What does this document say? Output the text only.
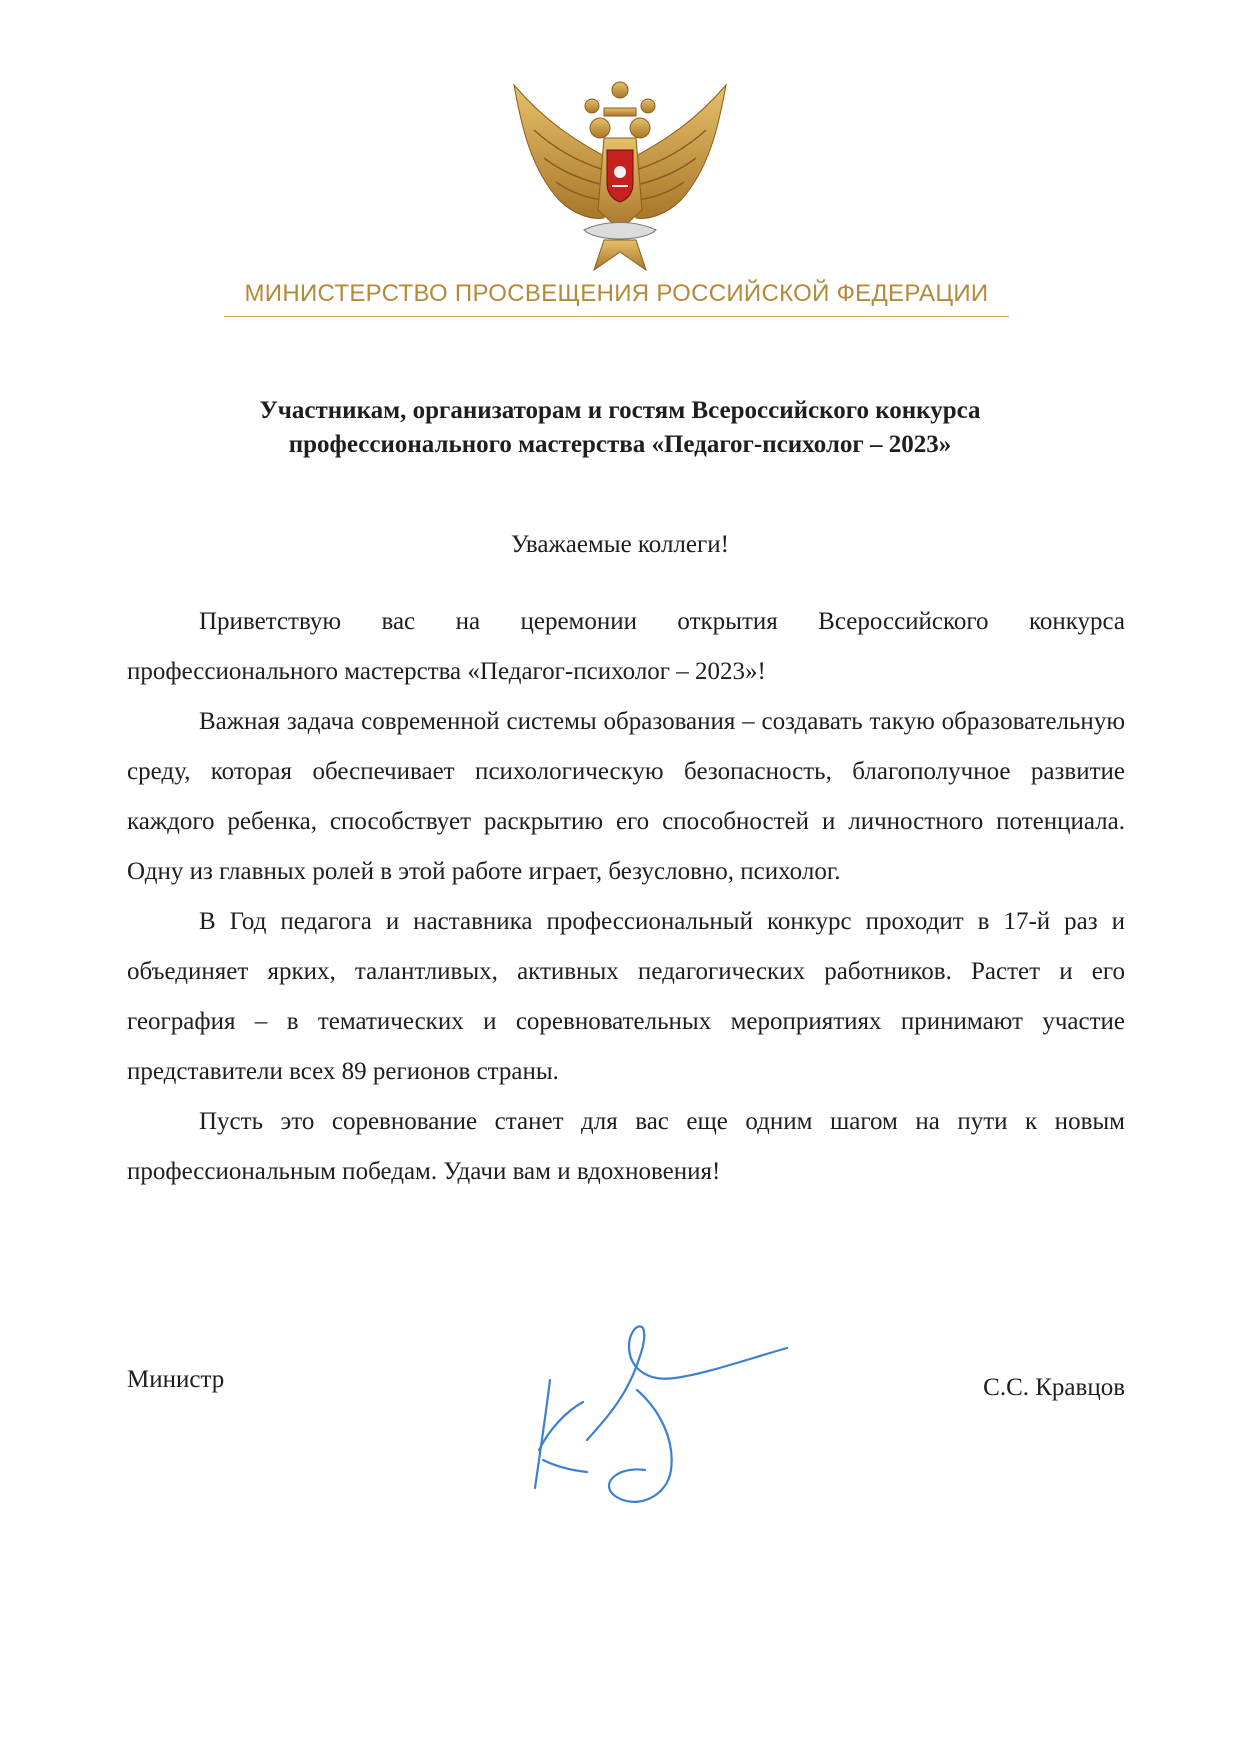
МИНИСТЕРСТВО ПРОСВЕЩЕНИЯ РОССИЙСКОЙ ФЕДЕРАЦИИ
Участникам, организаторам и гостям Всероссийского конкурса
профессионального мастерства «Педагог-психолог – 2023»
Уважаемые коллеги!

Приветствую вас на церемонии открытия Всероссийского конкурса профессионального мастерства «Педагог-психолог – 2023»!

Важная задача современной системы образования – создавать такую образовательную среду, которая обеспечивает психологическую безопасность, благополучное развитие каждого ребенка, способствует раскрытию его способностей и личностного потенциала. Одну из главных ролей в этой работе играет, безусловно, психолог.

В Год педагога и наставника профессиональный конкурс проходит в 17-й раз и объединяет ярких, талантливых, активных педагогических работников. Растет и его география – в тематических и соревновательных мероприятиях принимают участие представители всех 89 регионов страны.

Пусть это соревнование станет для вас еще одним шагом на пути к новым профессиональным победам. Удачи вам и вдохновения!

Министр	С.С. Кравцов
